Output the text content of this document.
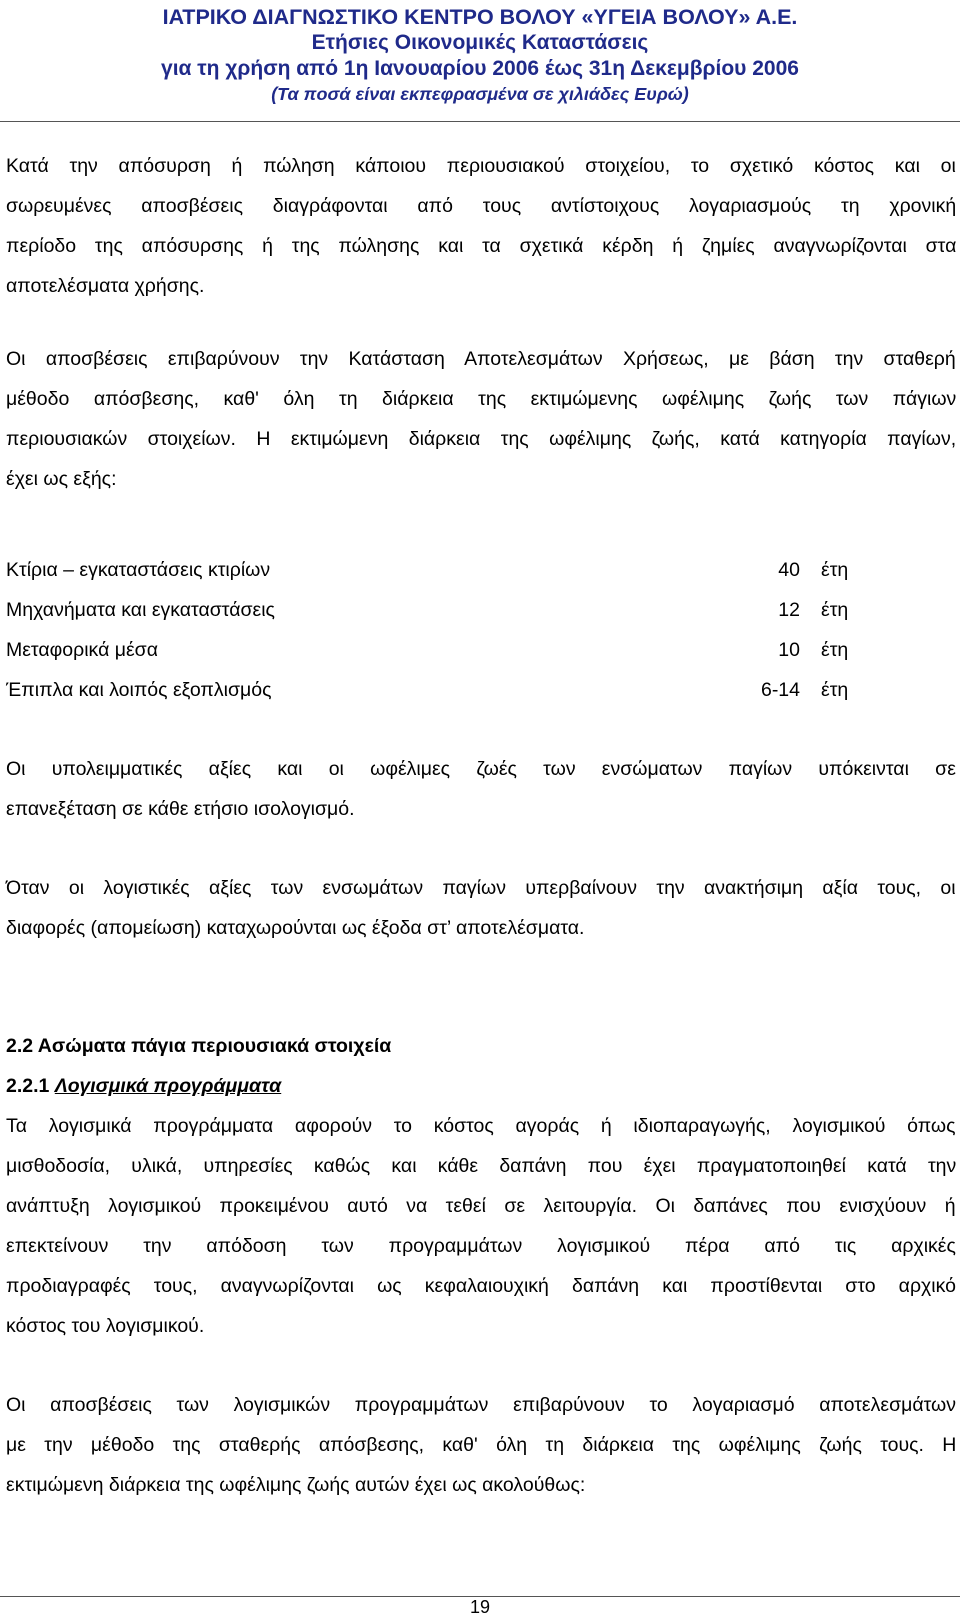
ΙΑΤΡΙΚΟ ΔΙΑΓΝΩΣΤΙΚΟ ΚΕΝΤΡΟ ΒΟΛΟΥ «ΥΓΕΙΑ ΒΟΛΟΥ» Α.Ε.
Ετήσιες Οικονομικές Καταστάσεις
για τη χρήση από 1η Ιανουαρίου 2006 έως 31η Δεκεμβρίου 2006
(Τα ποσά είναι εκπεφρασμένα σε χιλιάδες Ευρώ)
Κατά την απόσυρση ή πώληση κάποιου περιουσιακού στοιχείου, το σχετικό κόστος και οι
σωρευμένες αποσβέσεις διαγράφονται από τους αντίστοιχους λογαριασμούς τη χρονική
περίοδο της απόσυρσης ή της πώλησης και τα σχετικά κέρδη ή ζημίες αναγνωρίζονται στα
αποτελέσματα χρήσης.
Οι αποσβέσεις επιβαρύνουν την Κατάσταση Αποτελεσμάτων Χρήσεως, με βάση την σταθερή
μέθοδο απόσβεσης, καθ' όλη τη διάρκεια της εκτιμώμενης ωφέλιμης ζωής των πάγιων
περιουσιακών στοιχείων. Η εκτιμώμενη διάρκεια της ωφέλιμης ζωής, κατά κατηγορία παγίων,
έχει ως εξής:
Κτίρια – εγκαταστάσεις κτιρίων	40 έτη
Μηχανήματα και εγκαταστάσεις	12 έτη
Μεταφορικά μέσα	10 έτη
Έπιπλα και λοιπός εξοπλισμός	6-14 έτη
Οι υπολειμματικές αξίες και οι ωφέλιμες ζωές των ενσώματων παγίων υπόκεινται σε
επανεξέταση σε κάθε ετήσιο ισολογισμό.
Όταν οι λογιστικές αξίες των ενσωμάτων παγίων υπερβαίνουν την ανακτήσιμη αξία τους, οι
διαφορές (απομείωση) καταχωρούνται ως έξοδα στ’ αποτελέσματα.
2.2 Ασώματα πάγια περιουσιακά στοιχεία
2.2.1 Λογισμικά προγράμματα
Τα λογισμικά προγράμματα αφορούν το κόστος αγοράς ή ιδιοπαραγωγής, λογισμικού όπως
μισθοδοσία, υλικά, υπηρεσίες καθώς και κάθε δαπάνη που έχει πραγματοποιηθεί κατά την
ανάπτυξη λογισμικού προκειμένου αυτό να τεθεί σε λειτουργία. Οι δαπάνες που ενισχύουν ή
επεκτείνουν την απόδοση των προγραμμάτων λογισμικού πέρα από τις αρχικές
προδιαγραφές τους, αναγνωρίζονται ως κεφαλαιουχική δαπάνη και προστίθενται στο αρχικό
κόστος του λογισμικού.
Οι αποσβέσεις των λογισμικών προγραμμάτων επιβαρύνουν το λογαριασμό αποτελεσμάτων
με την μέθοδο της σταθερής απόσβεσης, καθ' όλη τη διάρκεια της ωφέλιμης ζωής τους. Η
εκτιμώμενη διάρκεια της ωφέλιμης ζωής αυτών έχει ως ακολούθως:
19
